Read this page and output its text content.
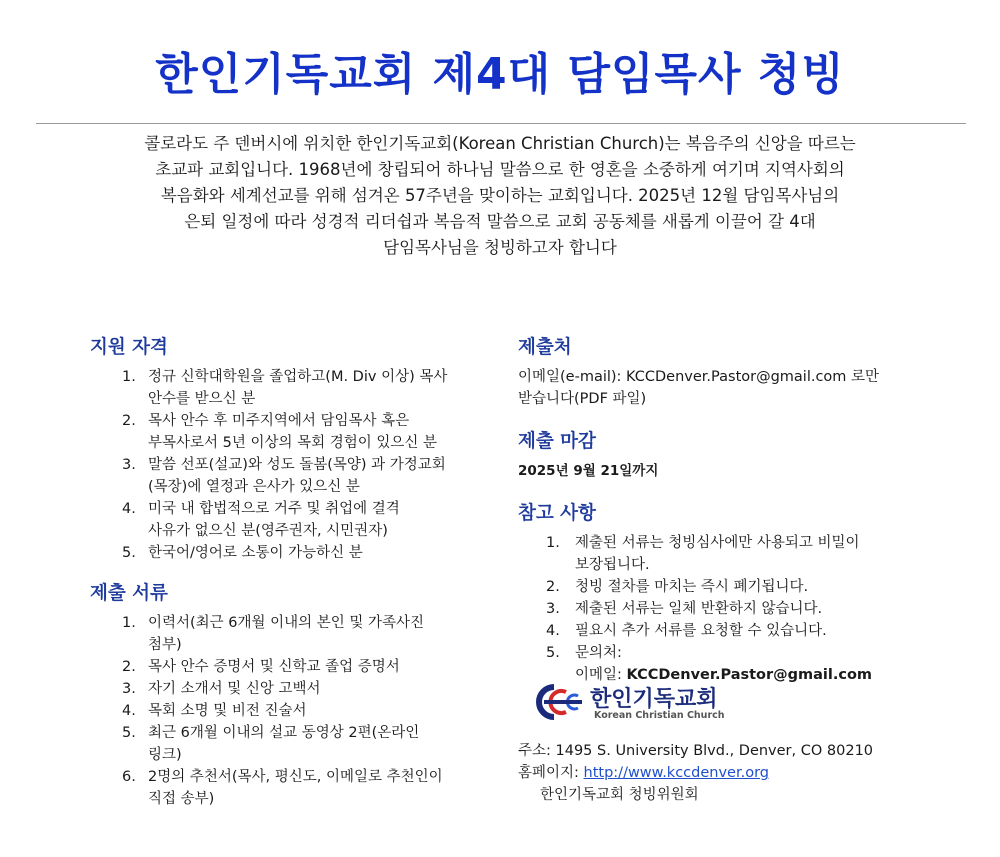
한인기독교회 제4대 담임목사 청빙
콜로라도 주 덴버시에 위치한 한인기독교회(Korean Christian Church)는 복음주의 신앙을 따르는
초교파 교회입니다. 1968년에 창립되어 하나님 말씀으로 한 영혼을 소중하게 여기며 지역사회의
복음화와 세계선교를 위해 섬겨온 57주년을 맞이하는 교회입니다. 2025년 12월 담임목사님의
은퇴 일정에 따라 성경적 리더쉽과 복음적 말씀으로 교회 공동체를 새롭게 이끌어 갈 4대
담임목사님을 청빙하고자 합니다
지원 자격
1. 정규 신학대학원을 졸업하고(M. Div 이상) 목사
안수를 받으신 분
2. 목사 안수 후 미주지역에서 담임목사 혹은
부목사로서 5년 이상의 목회 경험이 있으신 분
3. 말씀 선포(설교)와 성도 돌봄(목양) 과 가정교회
(목장)에 열정과 은사가 있으신 분
4. 미국 내 합법적으로 거주 및 취업에 결격
사유가 없으신 분(영주권자, 시민권자)
5. 한국어/영어로 소통이 가능하신 분
제출 서류
1. 이력서(최근 6개월 이내의 본인 및 가족사진
첨부)
2. 목사 안수 증명서 및 신학교 졸업 증명서
3. 자기 소개서 및 신앙 고백서
4. 목회 소명 및 비전 진술서
5. 최근 6개월 이내의 설교 동영상 2편(온라인
링크)
6. 2명의 추천서(목사, 평신도, 이메일로 추천인이
직접 송부)
제출처

이메일(e-mail): KCCDenver.Pastor@gmail.com 로만

받습니다(PDF 파일)

제출 마감

2025년 9월 21일까지

참고 사항
1. 제출된 서류는 청빙심사에만 사용되고 비밀이
보장됩니다.
2. 청빙 절차를 마치는 즉시 폐기됩니다.
3. 제출된 서류는 일체 반환하지 않습니다.
4. 필요시 추가 서류를 요청할 수 있습니다.
5. 문의처:
이메일: KCCDenver.Pastor@gmail.com
한인기독교회
Korean Christian Church
주소: 1495 S. University Blvd., Denver, CO 80210
홈페이지: http://www.kccdenver.org
한인기독교회 청빙위원회
